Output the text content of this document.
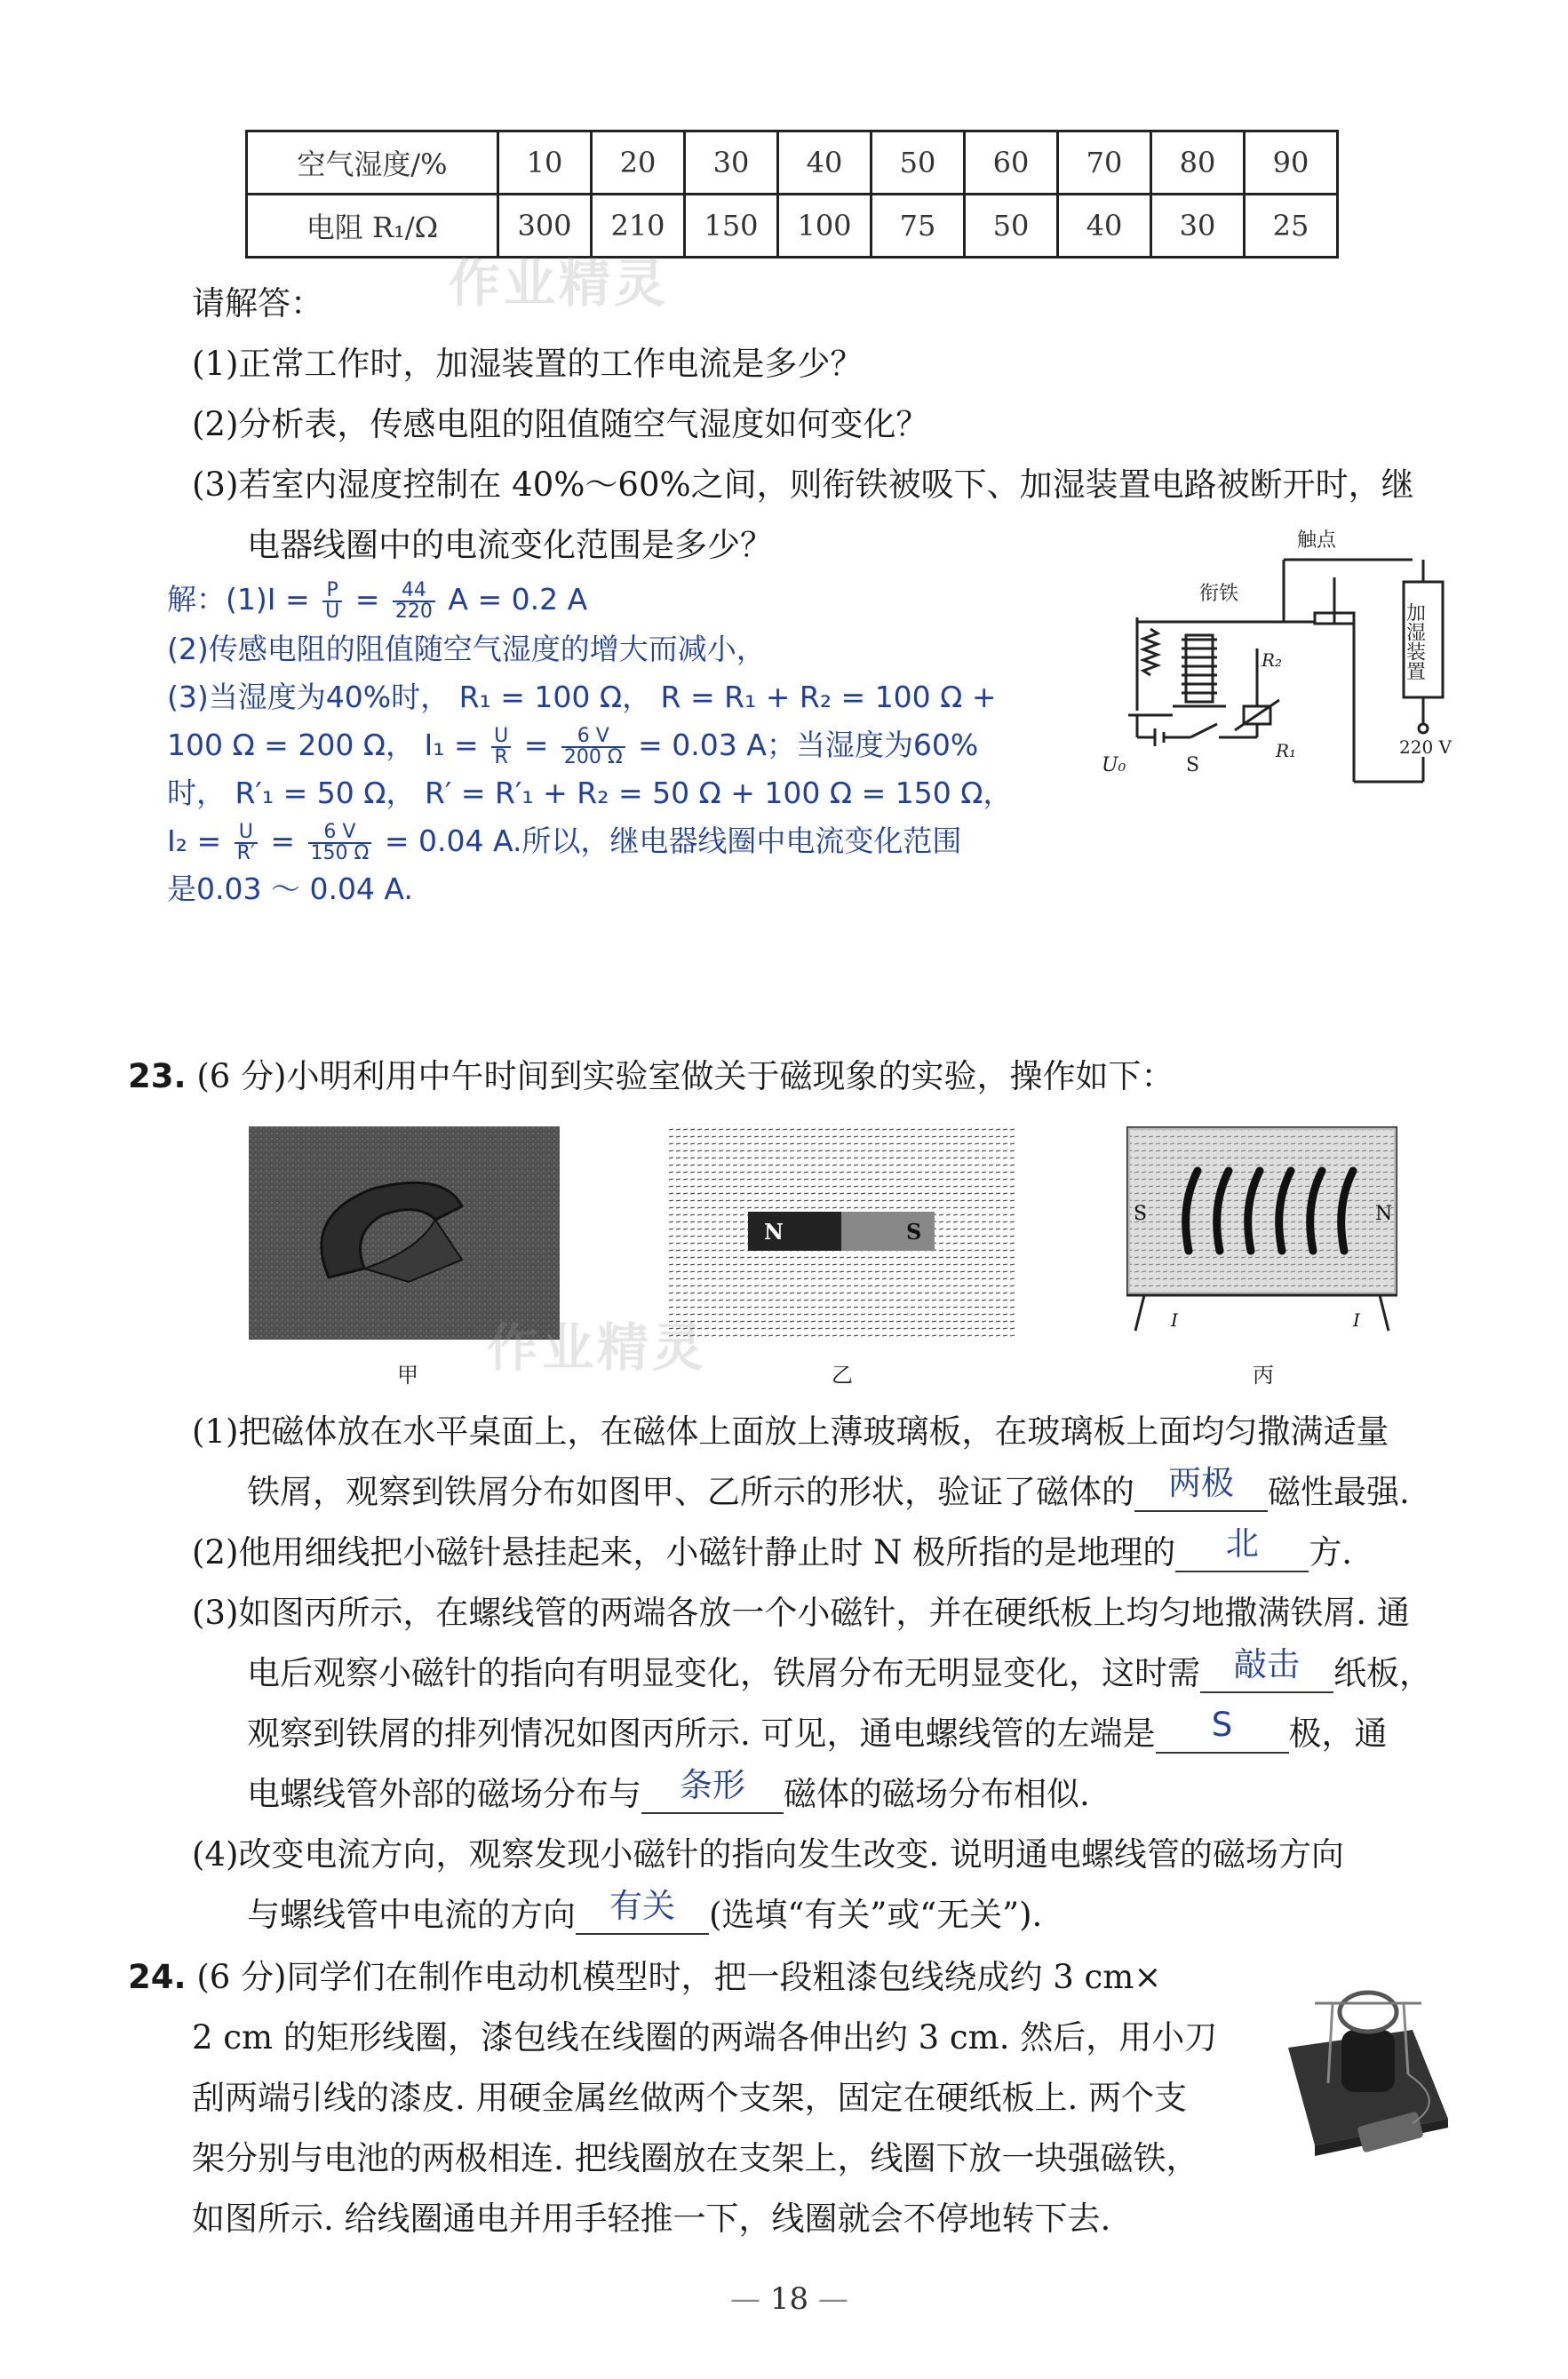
空气湿度/%	10	20	30	40	50	60	70	80	90
电阻 R₁/Ω	300	210	150	100	75	50	40	30	25
作业精灵
请解答：
(1)正常工作时，加湿装置的工作电流是多少？
(2)分析表，传感电阻的阻值随空气湿度如何变化？
(3)若室内湿度控制在 40%～60%之间，则衔铁被吸下、加湿装置电路被断开时，继
电器线圈中的电流变化范围是多少？
解：$(1)I = \frac{P}{U} = \frac{44}{220}$ A = 0.2 A
(2)传感电阻的阻值随空气湿度的增大而减小，
(3)当湿度为40%时， R₁ = 100 Ω， R = R₁ + R₂ = 100 Ω +
100 Ω = 200 Ω， $I_1 = \frac{U}{R} = \frac{6 V}{200 \Omega} = 0.03$ A；当湿度为60%
时， R′₁ = 50 Ω， R′ = R′₁ + R₂ = 50 Ω + 100 Ω = 150 Ω，
$I_2 = \frac{U}{R'} = \frac{6 V}{150 \Omega} = 0.04$ A.所以，继电器线圈中电流变化范围
是0.03 ～ 0.04 A.
触点
衔铁
加湿装置
220 V
U₀	S
R₁
R₂
23. (6 分)小明利用中午时间到实验室做关于磁现象的实验，操作如下：
N	S
S	N
I	I
甲	乙	丙
作业精灵
(1)把磁体放在水平桌面上，在磁体上面放上薄玻璃板，在玻璃板上面均匀撒满适量
铁屑，观察到铁屑分布如图甲、乙所示的形状，验证了磁体的 两极 磁性最强.
(2)他用细线把小磁针悬挂起来，小磁针静止时 N 极所指的是地理的 北 方.
(3)如图丙所示，在螺线管的两端各放一个小磁针，并在硬纸板上均匀地撒满铁屑. 通
电后观察小磁针的指向有明显变化，铁屑分布无明显变化，这时需 敲击 纸板，
观察到铁屑的排列情况如图丙所示. 可见，通电螺线管的左端是 S 极，通
电螺线管外部的磁场分布与 条形 磁体的磁场分布相似.
(4)改变电流方向，观察发现小磁针的指向发生改变. 说明通电螺线管的磁场方向
与螺线管中电流的方向 有关 (选填“有关”或“无关”).
24. (6 分)同学们在制作电动机模型时，把一段粗漆包线绕成约 3 cm×
2 cm 的矩形线圈，漆包线在线圈的两端各伸出约 3 cm. 然后，用小刀
刮两端引线的漆皮. 用硬金属丝做两个支架，固定在硬纸板上. 两个支
架分别与电池的两极相连. 把线圈放在支架上，线圈下放一块强磁铁，
如图所示. 给线圈通电并用手轻推一下，线圈就会不停地转下去.
— 18 —
